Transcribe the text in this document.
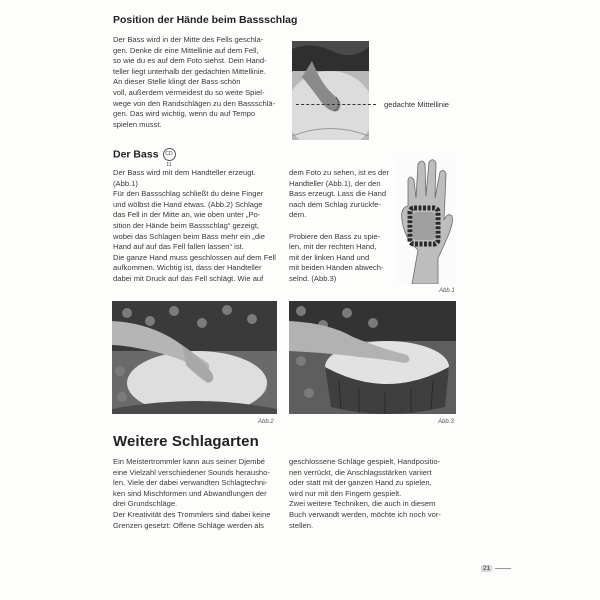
Position der Hände beim Bassschlag
Der Bass wird in der Mitte des Fells geschla-
gen. Denke dir eine Mittellinie auf dem Fell,
so wie du es auf dem Foto siehst. Dein Hand-
teller liegt unterhalb der gedachten Mittellinie.
An dieser Stelle klingt der Bass schön
voll, außerdem vermeidest du so weite Spiel-
wege von den Randschlägen zu den Bassschlä-
gen. Das wird wichtig, wenn du auf Tempo
spielen musst.
gedachte Mittellinie
Der Bass CD 11
Der Bass wird mit dem Handteller erzeugt.
(Abb.1)
Für den Bassschlag schließt du deine Finger
und wölbst die Hand etwas. (Abb.2) Schlage
das Fell in der Mitte an, wie oben unter „Po-
sition der Hände beim Bassschlag“ gezeigt,
wobei das Schlagen beim Bass mehr ein „die
Hand auf auf das Fell fallen lassen“ ist.
Die ganze Hand muss geschlossen auf dem Fell
aufkommen. Wichtig ist, dass der Handteller
dabei mit Druck auf das Fell schlägt. Wie auf
dem Foto zu sehen, ist es der
Handteller (Abb.1), der den
Bass erzeugt. Lass die Hand
nach dem Schlag zurückfe-
dern.

Probiere den Bass zu spie-
len, mit der rechten Hand,
mit der linken Hand und
mit beiden Händen abwech-
selnd. (Abb.3)
Abb.1
Abb.2	Abb.3
Weitere Schlagarten
Ein Meistertrommler kann aus seiner Djembé
eine Vielzahl verschiedener Sounds herausho-
len. Viele der dabei verwandten Schlagtechni-
ken sind Mischformen und Abwandlungen der
drei Grundschläge.
Der Kreativität des Trommlers sind dabei keine
Grenzen gesetzt: Offene Schläge werden als
geschlossene Schläge gespielt, Handpositio-
nen verrückt, die Anschlagsstärken variiert
oder statt mit der ganzen Hand zu spielen,
wird nur mit den Fingern gespielt.
Zwei weitere Techniken, die auch in diesem
Buch verwandt werden, möchte ich noch vor-
stellen.
21
